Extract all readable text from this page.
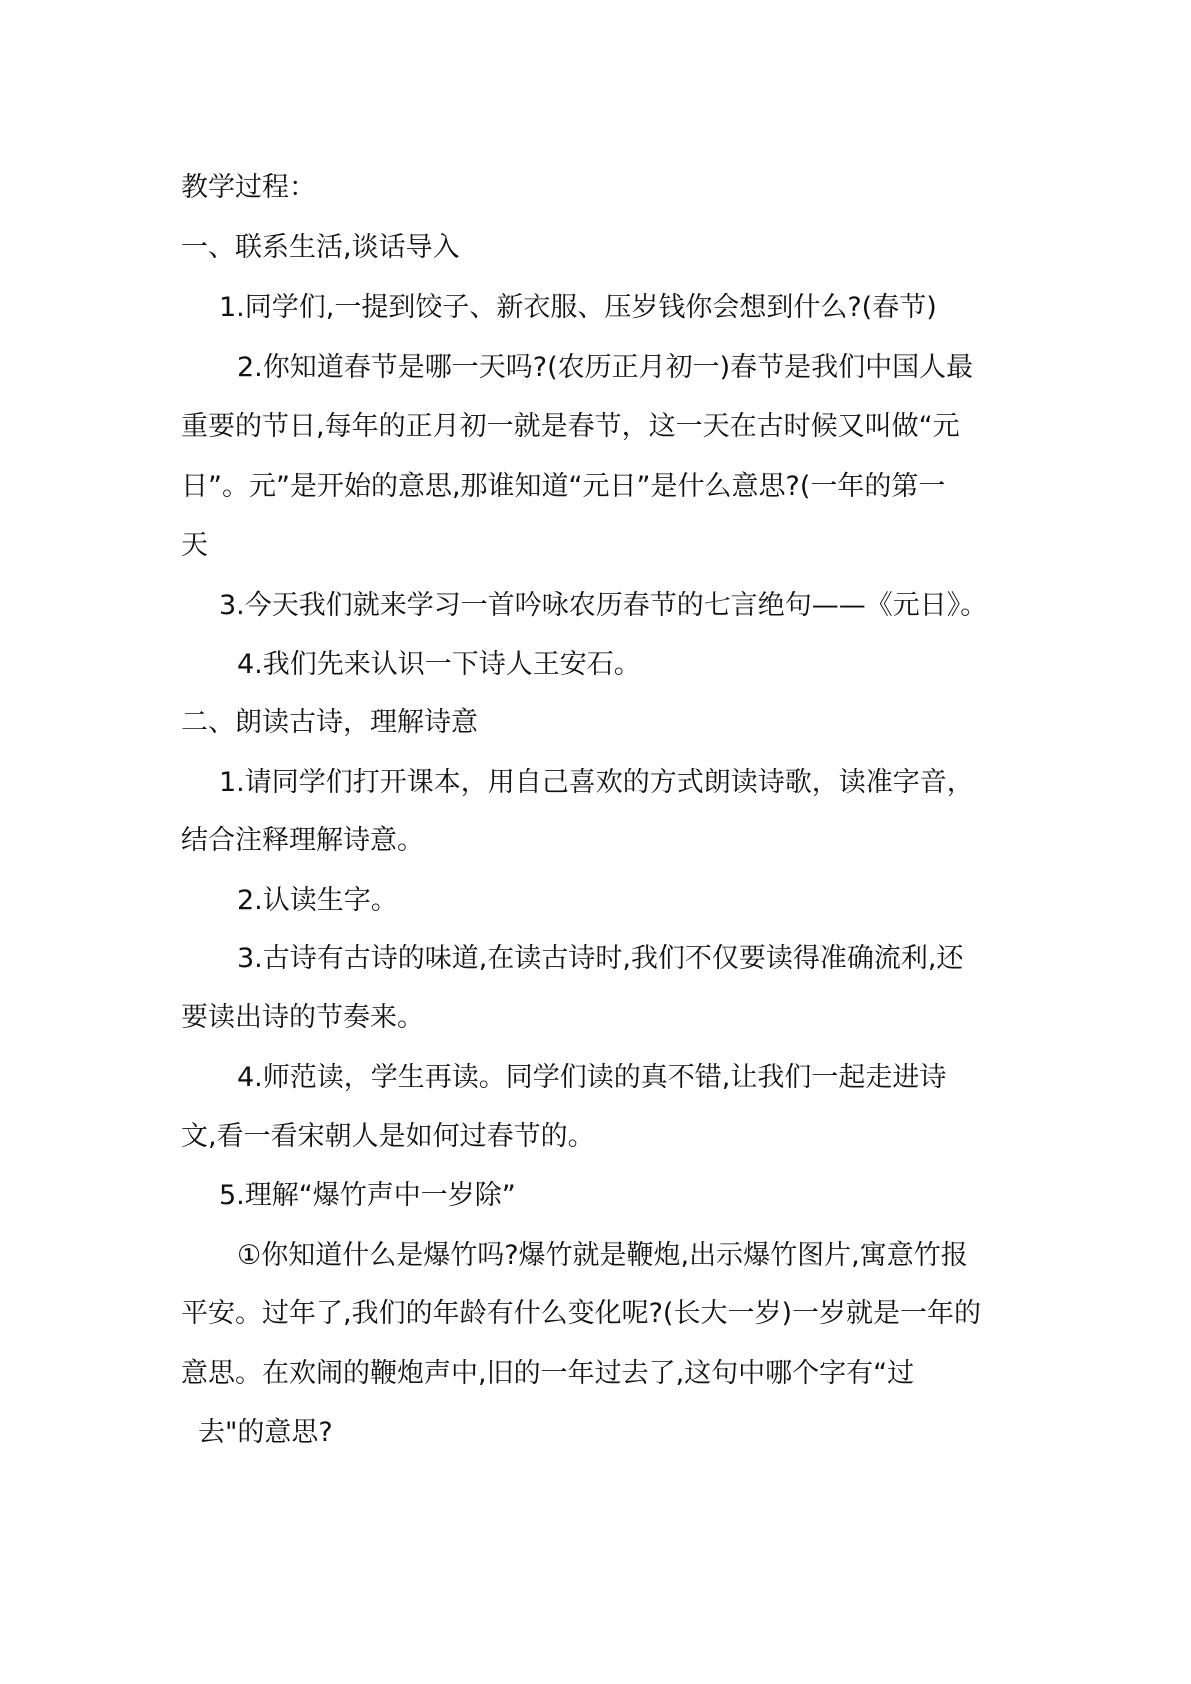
教学过程：
一、联系生活,谈话导入
1.同学们,一提到饺子、新衣服、压岁钱你会想到什么?(春节)
2.你知道春节是哪一天吗?(农历正月初一)春节是我们中国人最
重要的节日,每年的正月初一就是春节，这一天在古时候又叫做“元
日”。元”是开始的意思,那谁知道“元日”是什么意思?(一年的第一
天
3.今天我们就来学习一首吟咏农历春节的七言绝句——《元日》。
4.我们先来认识一下诗人王安石。
二、朗读古诗，理解诗意
1.请同学们打开课本，用自己喜欢的方式朗读诗歌，读准字音，
结合注释理解诗意。
2.认读生字。
3.古诗有古诗的味道,在读古诗时,我们不仅要读得准确流利,还
要读出诗的节奏来。
4.师范读，学生再读。同学们读的真不错,让我们一起走进诗
文,看一看宋朝人是如何过春节的。
5.理解“爆竹声中一岁除”
①你知道什么是爆竹吗?爆竹就是鞭炮,出示爆竹图片,寓意竹报
平安。过年了,我们的年龄有什么变化呢?(长大一岁)一岁就是一年的
意思。在欢闹的鞭炮声中,旧的一年过去了,这句中哪个字有“过
去"的意思?
